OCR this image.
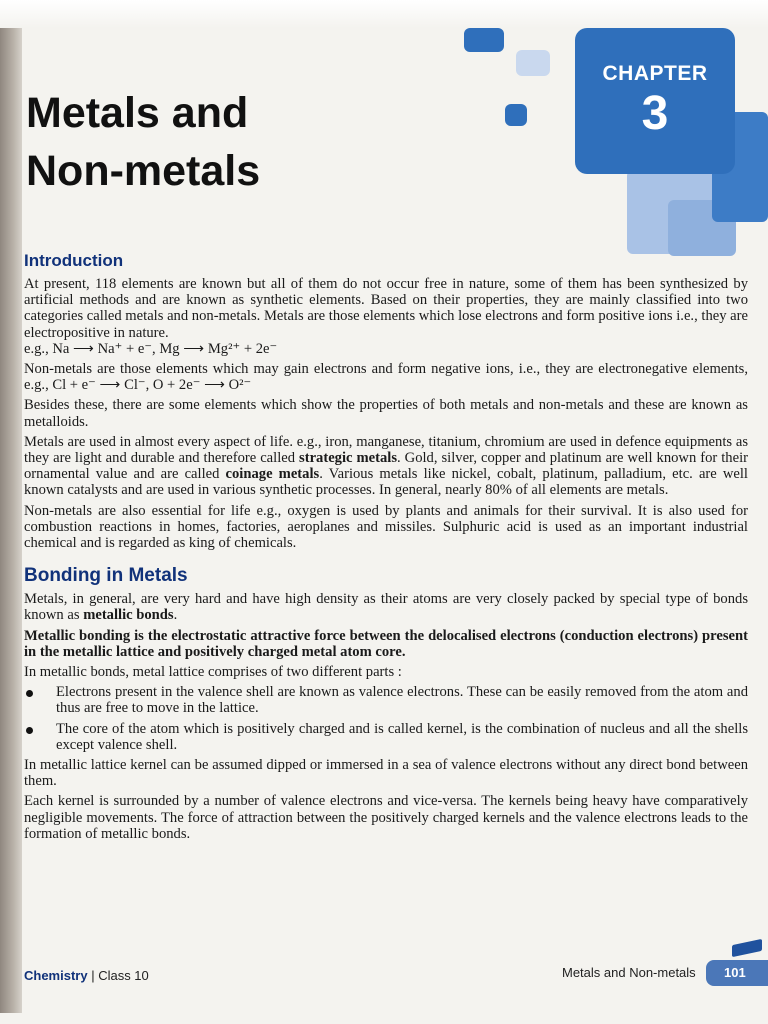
CHAPTER
3
Metals and
Non-metals
Introduction

At present, 118 elements are known but all of them do not occur free in nature, some of them has been synthesized by artificial methods and are known as synthetic elements. Based on their properties, they are mainly classified into two categories called metals and non-metals. Metals are those elements which lose electrons and form positive ions i.e., they are electropositive in nature.

e.g., Na ⟶ Na⁺ + e⁻, Mg ⟶ Mg²⁺ + 2e⁻

Non-metals are those elements which may gain electrons and form negative ions, i.e., they are electronegative elements, e.g., Cl + e⁻ ⟶ Cl⁻, O + 2e⁻ ⟶ O²⁻

Besides these, there are some elements which show the properties of both metals and non-metals and these are known as metalloids.

Metals are used in almost every aspect of life. e.g., iron, manganese, titanium, chromium are used in defence equipments as they are light and durable and therefore called strategic metals. Gold, silver, copper and platinum are well known for their ornamental value and are called coinage metals. Various metals like nickel, cobalt, platinum, palladium, etc. are well known catalysts and are used in various synthetic processes. In general, nearly 80% of all elements are metals.

Non-metals are also essential for life e.g., oxygen is used by plants and animals for their survival. It is also used for combustion reactions in homes, factories, aeroplanes and missiles. Sulphuric acid is used as an important industrial chemical and is regarded as king of chemicals.

Bonding in Metals

Metals, in general, are very hard and have high density as their atoms are very closely packed by special type of bonds known as metallic bonds.

Metallic bonding is the electrostatic attractive force between the delocalised electrons (conduction electrons) present in the metallic lattice and positively charged metal atom core.

In metallic bonds, metal lattice comprises of two different parts :

Electrons present in the valence shell are known as valence electrons. These can be easily removed from the atom and thus are free to move in the lattice.
The core of the atom which is positively charged and is called kernel, is the combination of nucleus and all the shells except valence shell.

In metallic lattice kernel can be assumed dipped or immersed in a sea of valence electrons without any direct bond between them.

Each kernel is surrounded by a number of valence electrons and vice-versa. The kernels being heavy have comparatively negligible movements. The force of attraction between the positively charged kernels and the valence electrons leads to the formation of metallic bonds.

Chemistry | Class 10	Metals and Non-metals	101
